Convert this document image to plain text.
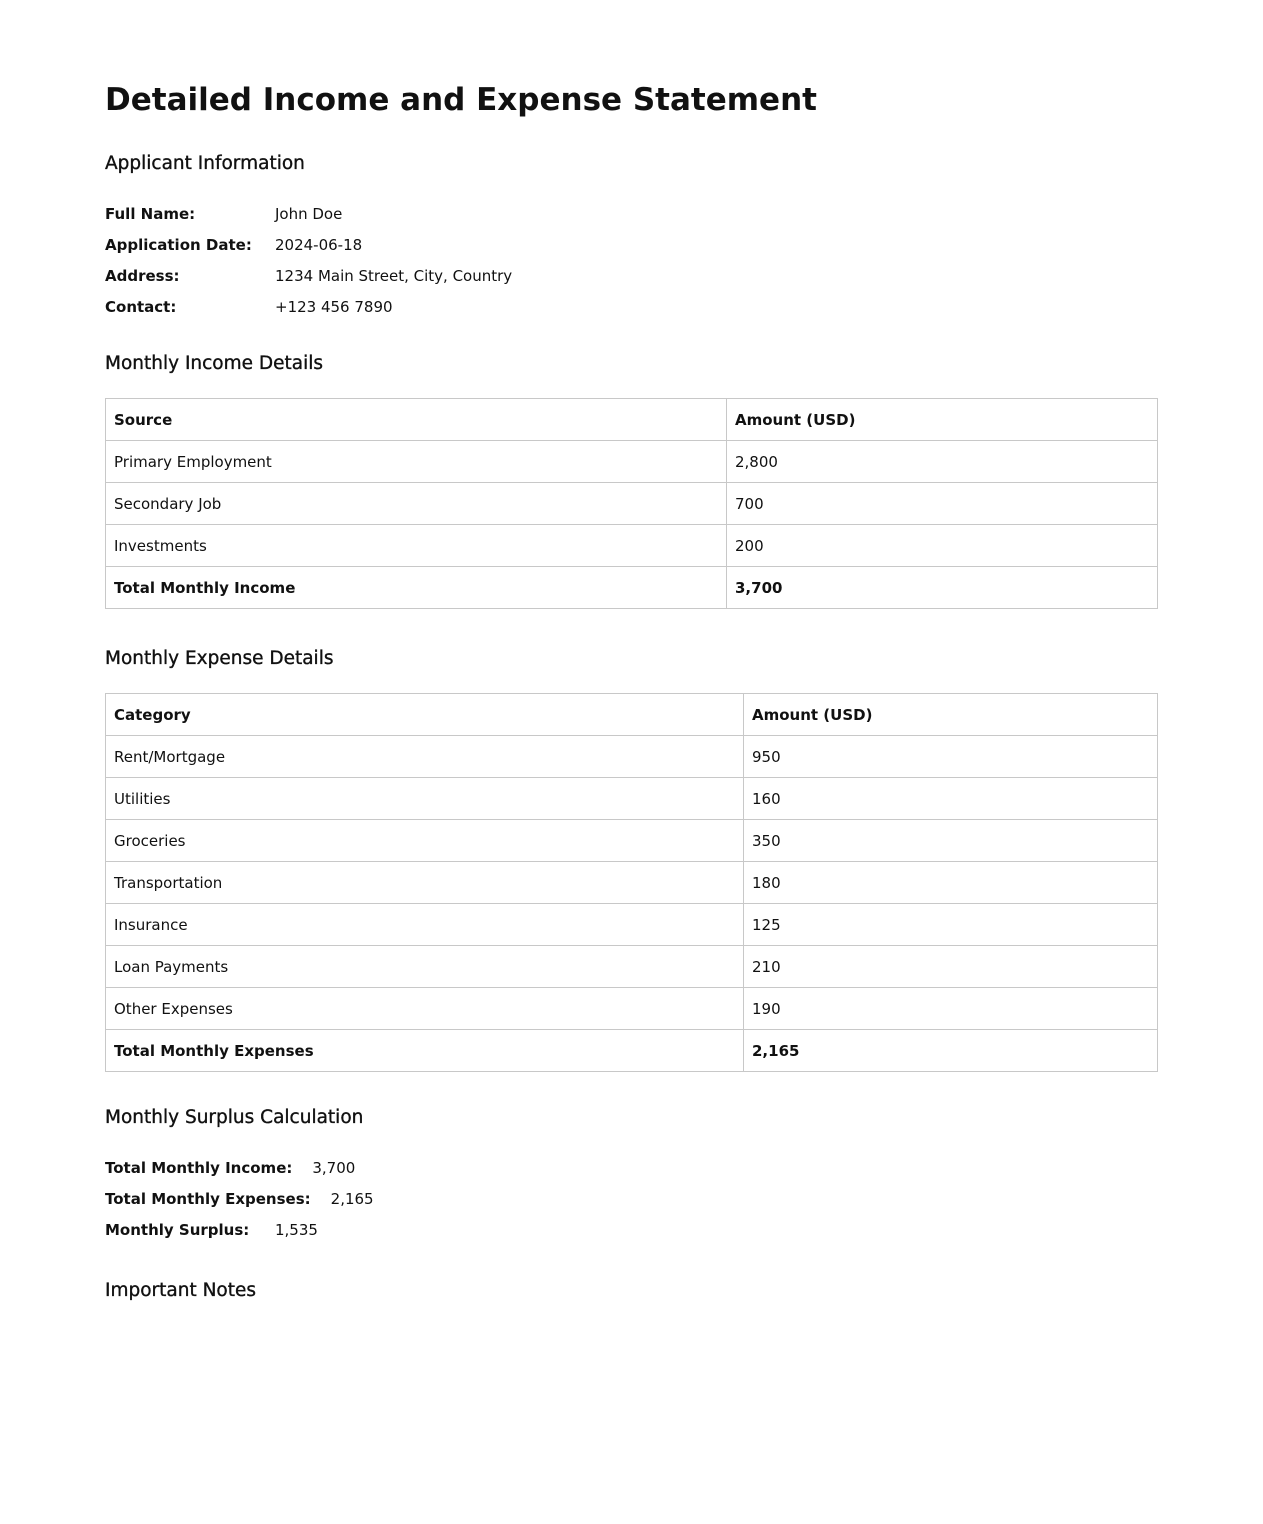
Detailed Income and Expense Statement
Applicant Information
Full Name:	John Doe
Application Date:	2024-06-18
Address:	1234 Main Street, City, Country
Contact:	+123 456 7890
Monthly Income Details
Source	Amount (USD)
Primary Employment	2,800
Secondary Job	700
Investments	200
Total Monthly Income	3,700
Monthly Expense Details
Category	Amount (USD)
Rent/Mortgage	950
Utilities	160
Groceries	350
Transportation	180
Insurance	125
Loan Payments	210
Other Expenses	190
Total Monthly Expenses	2,165
Monthly Surplus Calculation
Total Monthly Income: 3,700
Total Monthly Expenses: 2,165
Monthly Surplus:	1,535
Important Notes
